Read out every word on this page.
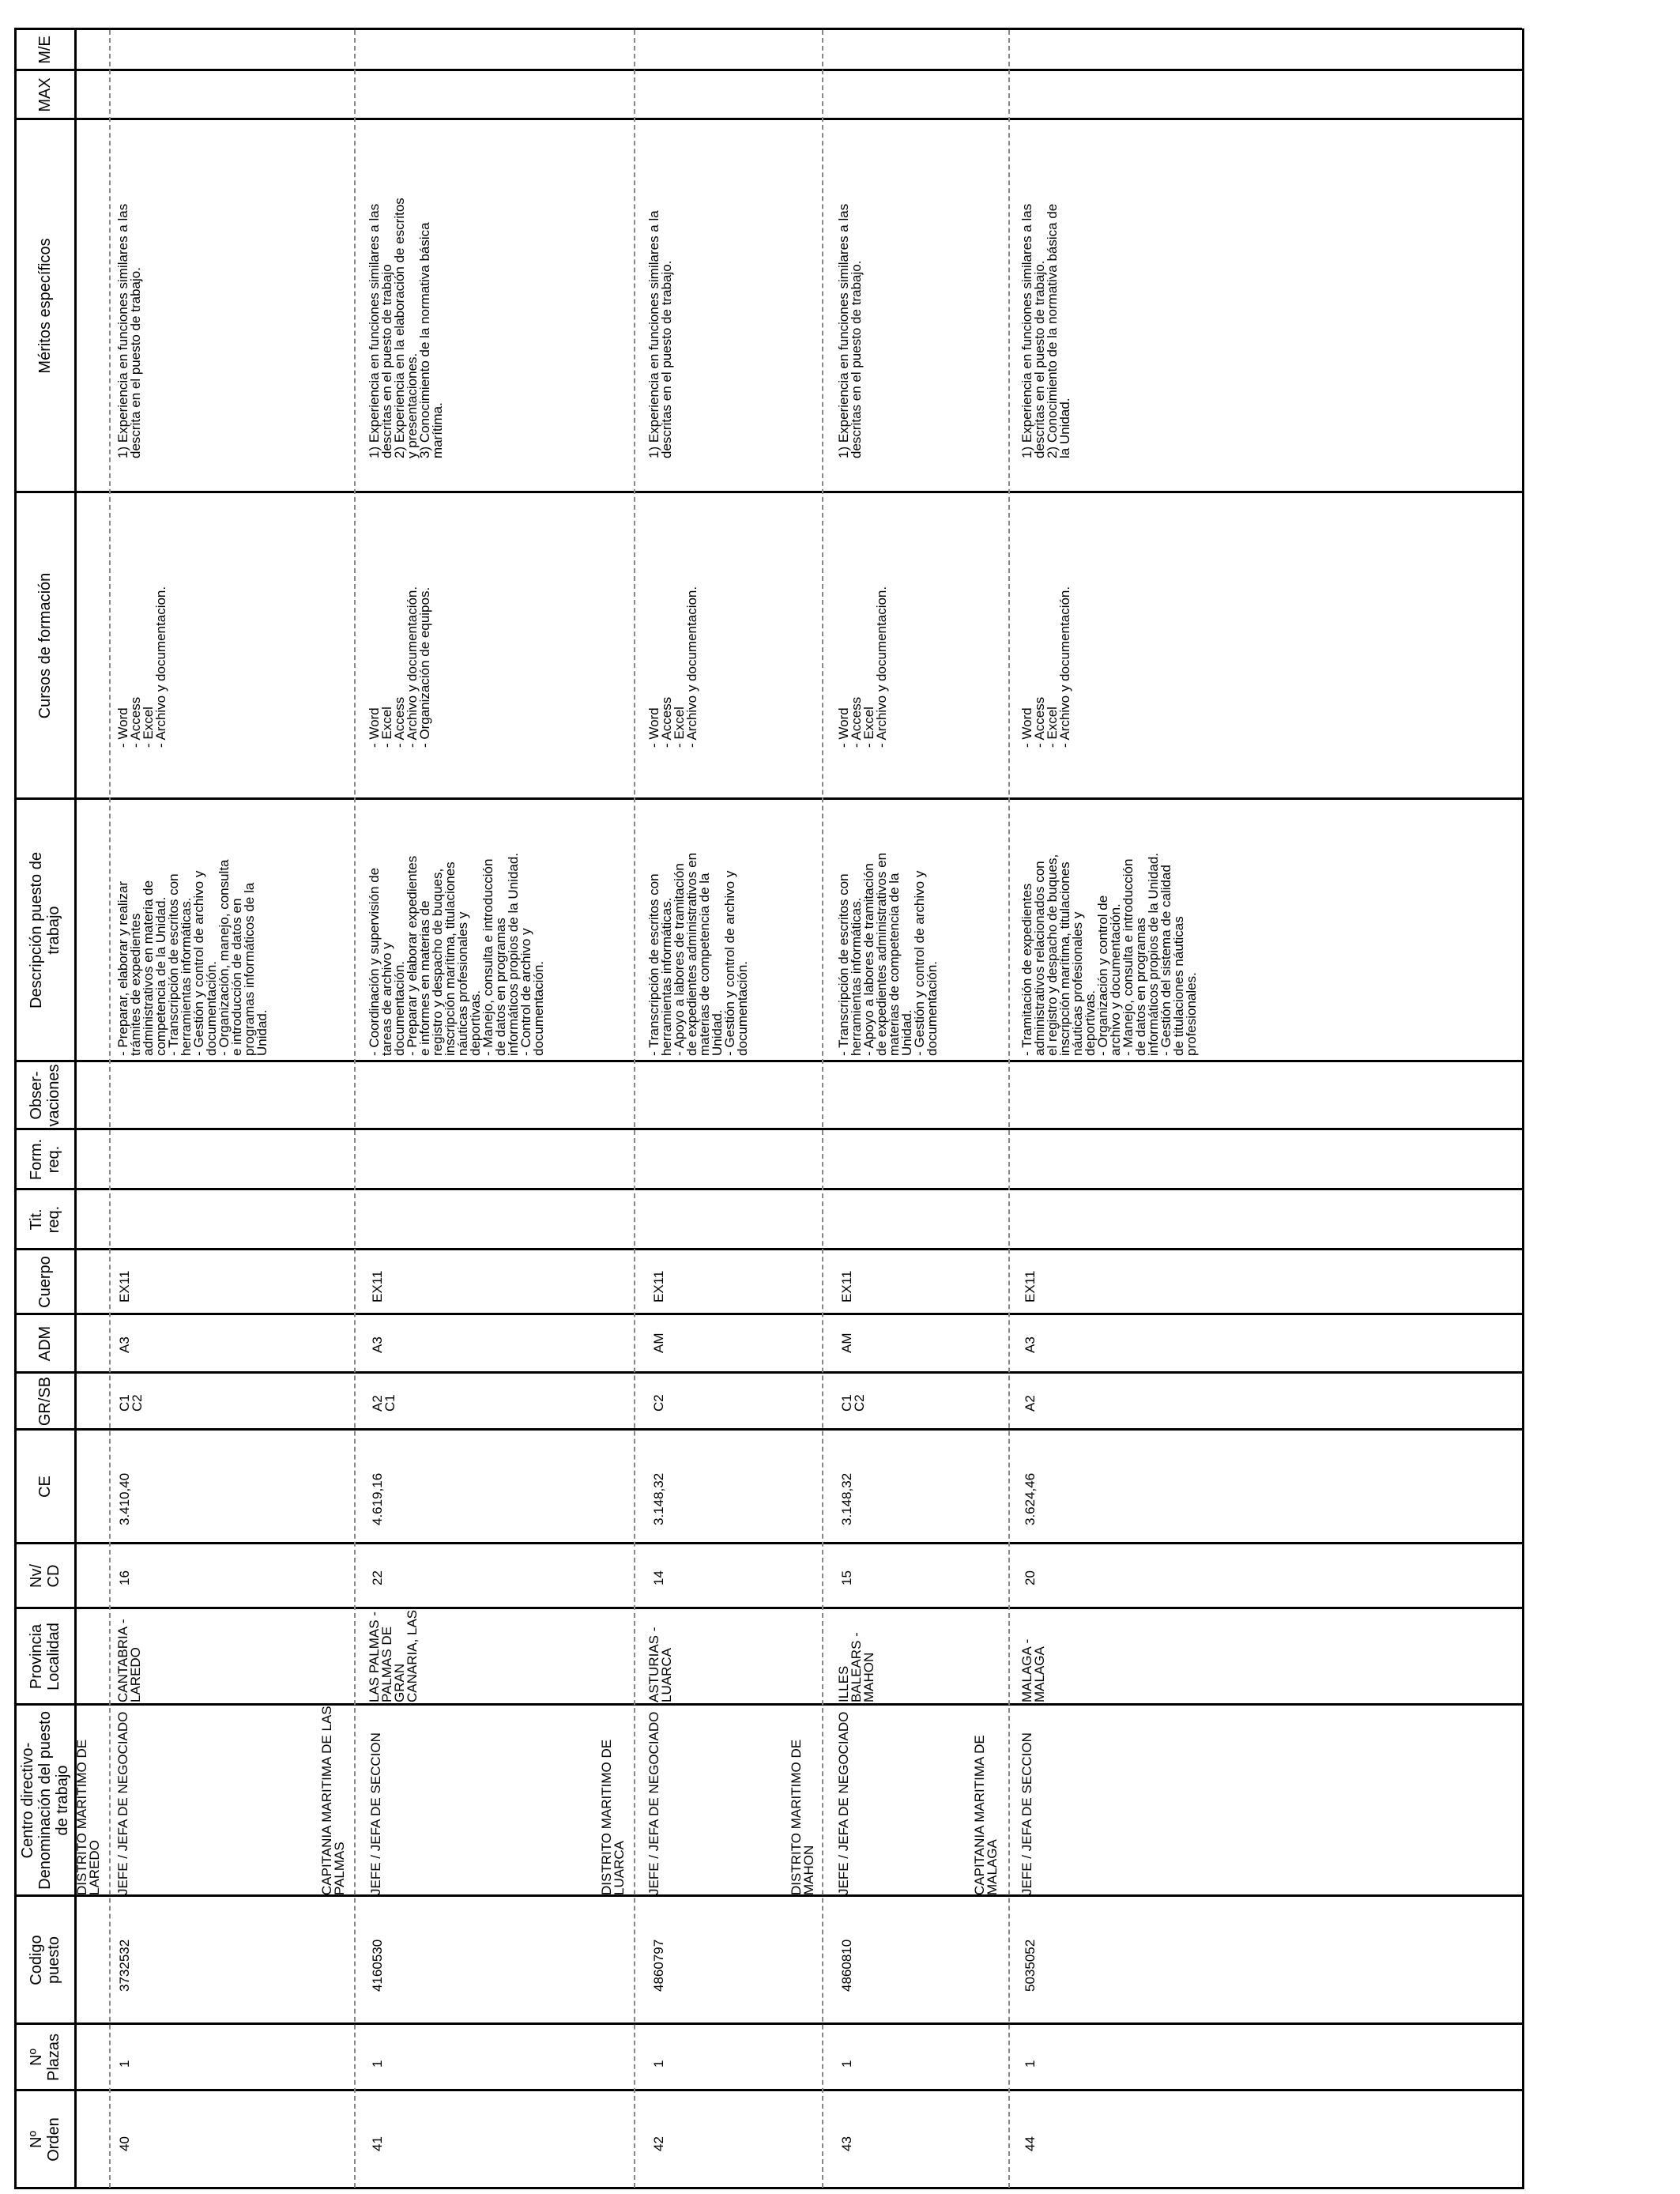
Nº
Orden
Nº
Plazas
Codigo
puesto
Centro directivo-
Denominación del puesto
de trabajo
Provincia
Localidad
Nv/
CD
CE
GR/SB
ADM
Cuerpo
Tit.
req.
Form.
req.
Obser-
vaciones
Descripción puesto de
trabajo
Cursos de formación
Méritos específicos
MAX
M/E
DISTRITO MARITIMO DE
LAREDO
40
1
3732532
JEFE / JEFA DE NEGOCIADO
CANTABRIA -
LAREDO
16
3.410,40
C1
C2
A3
EX11
- Preparar, elaborar y realizar
trámites de expedientes
administrativos en materia de
competencia de la Unidad.
- Transcripción de escritos con
herramientas informáticas.
- Gestión y control de archivo y
documentación.
- Organización, manejo, consulta
e introducción de datos en
programas informáticos de la
Unidad.
- Word
- Access
- Excel
- Archivo y documentacion.
1) Experiencia en funciones similares a las
descrita en el puesto de trabajo.
CAPITANIA MARITIMA DE LAS
PALMAS
41
1
4160530
JEFE / JEFA DE SECCION
LAS PALMAS -
PALMAS DE
GRAN
CANARIA, LAS
22
4.619,16
A2
C1
A3
EX11
- Coordinación y supervisión de
tareas de archivo y
documentación.
- Preparar y elaborar expedientes
e informes en materias de
registro y despacho de buques,
inscripción marítima, titulaciones
náuticas profesionales y
deportivas.
- Manejo, consulta e introducción
de datos en programas
informáticos propios de la Unidad.
- Control de archivo y
documentación.
- Word
- Excel
- Access
- Archivo y documentación.
- Organización de equipos.
1) Experiencia en funciones similares a las
descritas en el puesto de trabajo
2) Experiencia en la elaboración de escritos
y presentaciones.
3) Conocimiento de la normativa básica
marítima.
DISTRITO MARITIMO DE
LUARCA
42
1
4860797
JEFE / JEFA DE NEGOCIADO
ASTURIAS -
LUARCA
14
3.148,32
C2
AM
EX11
- Transcripción de escritos con
herramientas informáticas.
- Apoyo a labores de tramitación
de expedientes administrativos en
materias de competencia de la
Unidad.
- Gestión y control de archivo y
documentación.
- Word
- Access
- Excel
- Archivo y documentacion.
1) Experiencia en funciones similares a la
descritas en el puesto de trabajo.
DISTRITO MARITIMO DE
MAHON
43
1
4860810
JEFE / JEFA DE NEGOCIADO
ILLES
BALEARS -
MAHON
15
3.148,32
C1
C2
AM
EX11
- Transcripción de escritos con
herramientas informáticas.
- Apoyo a labores de tramitación
de expedientes administrativos en
materias de competencia de la
Unidad.
- Gestión y control de archivo y
documentación.
- Word
- Access
- Excel
- Archivo y documentacion.
1) Experiencia en funciones similares a las
descritas en el puesto de trabajo.
CAPITANIA MARITIMA DE
MALAGA
44
1
5035052
JEFE / JEFA DE SECCION
MALAGA -
MALAGA
20
3.624,46
A2
A3
EX11
- Tramitación de expedientes
administrativos relacionados con
el registro y despacho de buques,
inscripción marítima, titulaciones
náuticas profesionales y
deportivas.
- Organización y control de
archivo y documentación.
- Manejo, consulta e introducción
de datos en programas
informáticos propios de la Unidad.
- Gestión del sistema de calidad
de titulaciones náuticas
profesionales.
- Word
- Access
- Excel
- Archivo y documentación.
1) Experiencia en funciones similares a las
descritas en el puesto de trabajo.
2) Conocimiento de la normativa básica de
la Unidad.
